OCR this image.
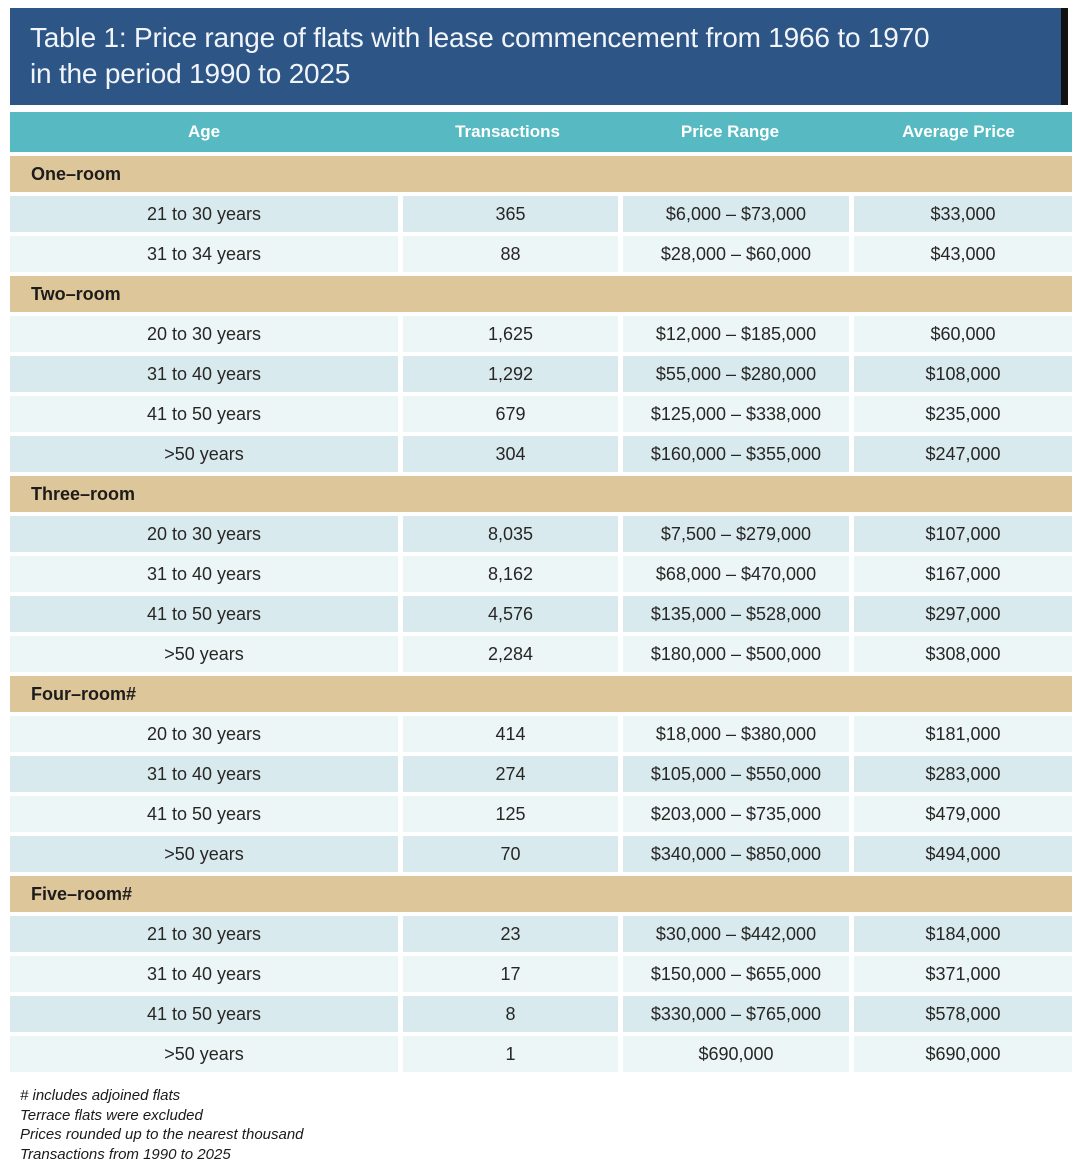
Table 1: Price range of flats with lease commencement from 1966 to 1970
in the period 1990 to 2025
Age	Transactions	Price Range	Average Price
One–room
21 to 30 years	365	$6,000 – $73,000	$33,000
31 to 34 years	88	$28,000 – $60,000	$43,000
Two–room
20 to 30 years	1,625	$12,000 – $185,000	$60,000
31 to 40 years	1,292	$55,000 – $280,000	$108,000
41 to 50 years	679	$125,000 – $338,000	$235,000
>50 years	304	$160,000 – $355,000	$247,000
Three–room
20 to 30 years	8,035	$7,500 – $279,000	$107,000
31 to 40 years	8,162	$68,000 – $470,000	$167,000
41 to 50 years	4,576	$135,000 – $528,000	$297,000
>50 years	2,284	$180,000 – $500,000	$308,000
Four–room#
20 to 30 years	414	$18,000 – $380,000	$181,000
31 to 40 years	274	$105,000 – $550,000	$283,000
41 to 50 years	125	$203,000 – $735,000	$479,000
>50 years	70	$340,000 – $850,000	$494,000
Five–room#
21 to 30 years	23	$30,000 – $442,000	$184,000
31 to 40 years	17	$150,000 – $655,000	$371,000
41 to 50 years	8	$330,000 – $765,000	$578,000
>50 years	1	$690,000	$690,000
# includes adjoined flats
Terrace flats were excluded
Prices rounded up to the nearest thousand
Transactions from 1990 to 2025
